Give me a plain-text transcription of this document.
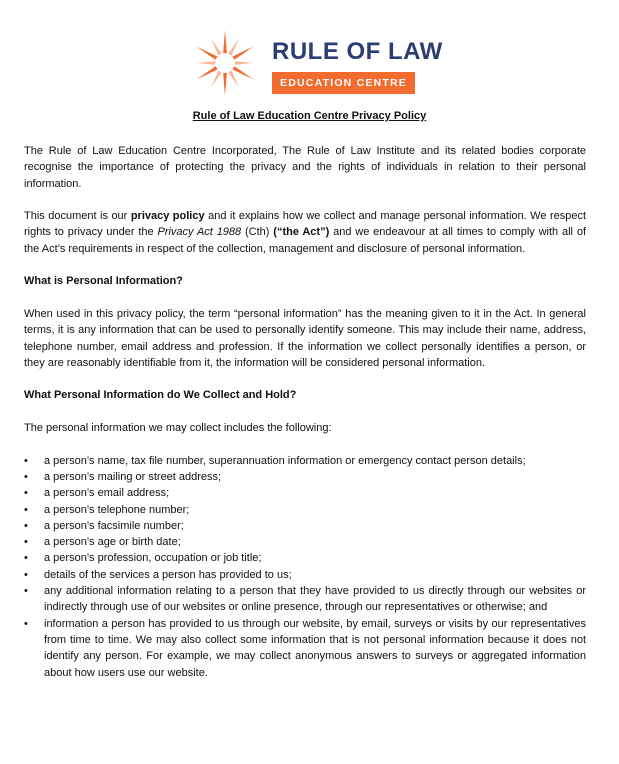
RULE OF LAW
EDUCATION CENTRE
Rule of Law Education Centre Privacy Policy

The Rule of Law Education Centre Incorporated, The Rule of Law Institute and its related bodies corporate recognise the importance of protecting the privacy and the rights of individuals in relation to their personal information.

This document is our privacy policy and it explains how we collect and manage personal information. We respect rights to privacy under the Privacy Act 1988 (Cth) (“the Act”) and we endeavour at all times to comply with all of the Act’s requirements in respect of the collection, management and disclosure of personal information.

What is Personal Information?

When used in this privacy policy, the term “personal information” has the meaning given to it in the Act. In general terms, it is any information that can be used to personally identify someone. This may include their name, address, telephone number, email address and profession. If the information we collect personally identifies a person, or they are reasonably identifiable from it, the information will be considered personal information.

What Personal Information do We Collect and Hold?

The personal information we may collect includes the following:

• a person’s name, tax file number, superannuation information or emergency contact person details;
• a person’s mailing or street address;
• a person’s email address;
• a person’s telephone number;
• a person’s facsimile number;
• a person’s age or birth date;
• a person’s profession, occupation or job title;
• details of the services a person has provided to us;
• any additional information relating to a person that they have provided to us directly through our websites or indirectly through use of our websites or online presence, through our representatives or otherwise; and
• information a person has provided to us through our website, by email, surveys or visits by our representatives from time to time. We may also collect some information that is not personal information because it does not identify any person. For example, we may collect anonymous answers to surveys or aggregated information about how users use our website.
